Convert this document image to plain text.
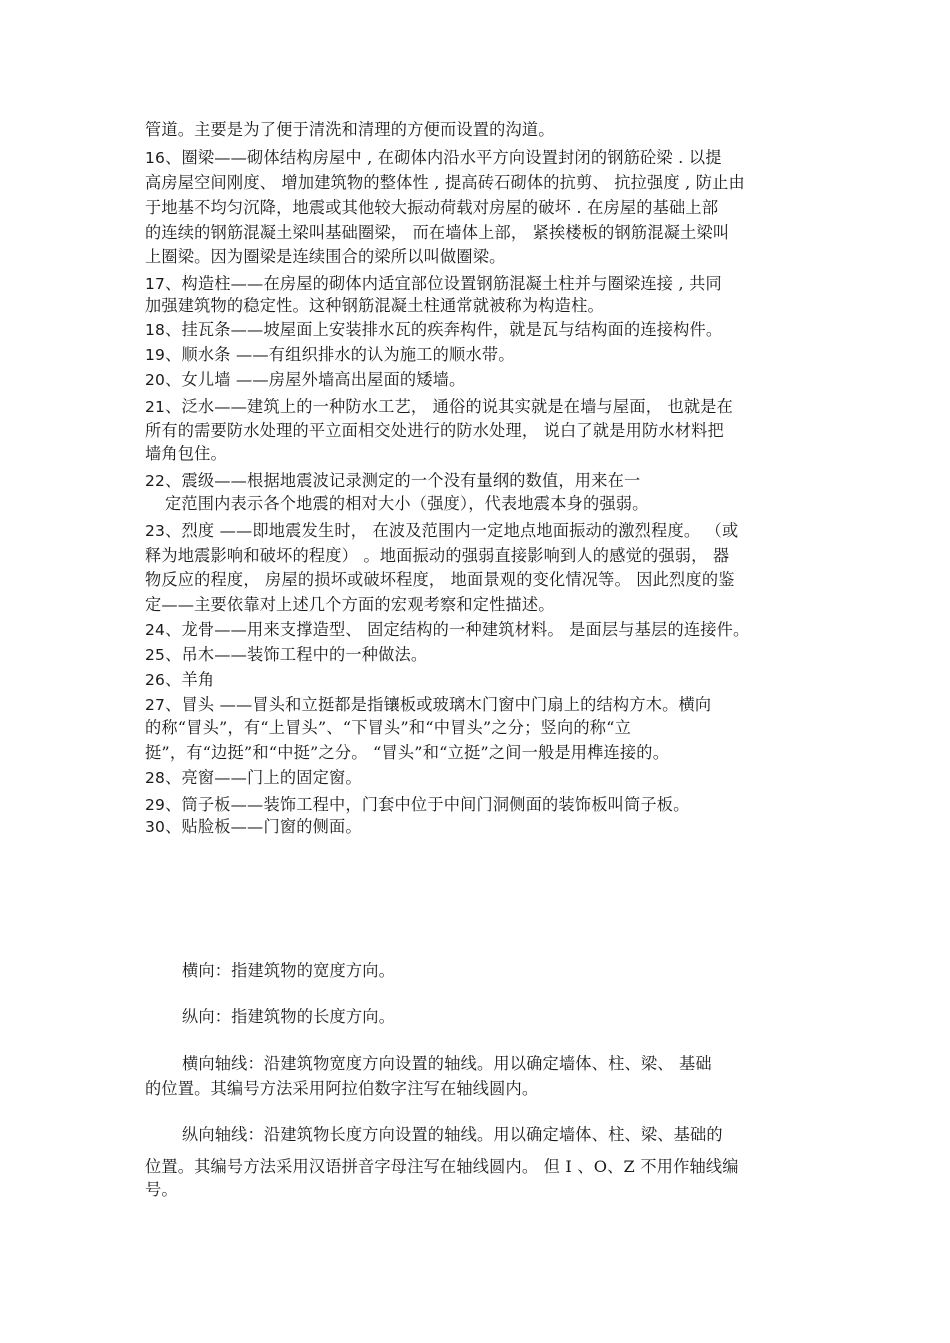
管道。主要是为了便于清洗和清理的方便而设置的沟道。
16、圈梁——砌体结构房屋中 , 在砌体内沿水平方向设置封闭的钢筋砼梁 . 以提
高房屋空间刚度、 增加建筑物的整体性 , 提高砖石砌体的抗剪、 抗拉强度 , 防止由
于地基不均匀沉降，地震或其他较大振动荷载对房屋的破坏 . 在房屋的基础上部
的连续的钢筋混凝土梁叫基础圈梁， 而在墙体上部， 紧挨楼板的钢筋混凝土梁叫
上圈梁。因为圈梁是连续围合的梁所以叫做圈梁。
17、构造柱——在房屋的砌体内适宜部位设置钢筋混凝土柱并与圈梁连接 , 共同
加强建筑物的稳定性。这种钢筋混凝土柱通常就被称为构造柱。
18、挂瓦条——坡屋面上安装排水瓦的疾奔构件，就是瓦与结构面的连接构件。
19、顺水条 ——有组织排水的认为施工的顺水带。
20、女儿墙 ——房屋外墙高出屋面的矮墙。
21、泛水——建筑上的一种防水工艺， 通俗的说其实就是在墙与屋面， 也就是在
所有的需要防水处理的平立面相交处进行的防水处理， 说白了就是用防水材料把
墙角包住。
22、震级——根据地震波记录测定的一个没有量纲的数值，用来在一
定范围内表示各个地震的相对大小（强度），代表地震本身的强弱。
23、烈度 ——即地震发生时， 在波及范围内一定地点地面振动的激烈程度。 （或
释为地震影响和破坏的程度） 。地面振动的强弱直接影响到人的感觉的强弱， 器
物反应的程度， 房屋的损坏或破坏程度， 地面景观的变化情况等。 因此烈度的鉴
定——主要依靠对上述几个方面的宏观考察和定性描述。
24、龙骨——用来支撑造型、 固定结构的一种建筑材料。 是面层与基层的连接件。
25、吊木——装饰工程中的一种做法。
26、羊角
27、冒头 ——冒头和立挺都是指镶板或玻璃木门窗中门扇上的结构方木。横向
的称“冒头”，有“上冒头”、“下冒头”和“中冒头”之分；竖向的称“立
挺”，有“边挺”和“中挺”之分。 “冒头”和“立挺”之间一般是用榫连接的。
28、亮窗——门上的固定窗。
29、筒子板——装饰工程中，门套中位于中间门洞侧面的装饰板叫筒子板。
30、贴脸板——门窗的侧面。
横向：指建筑物的宽度方向。
纵向：指建筑物的长度方向。
横向轴线：沿建筑物宽度方向设置的轴线。用以确定墙体、柱、梁、 基础
的位置。其编号方法采用阿拉伯数字注写在轴线圆内。
纵向轴线：沿建筑物长度方向设置的轴线。用以确定墙体、柱、梁、基础的
位置。其编号方法采用汉语拼音字母注写在轴线圆内。 但 I 、O、Z 不用作轴线编
号。
